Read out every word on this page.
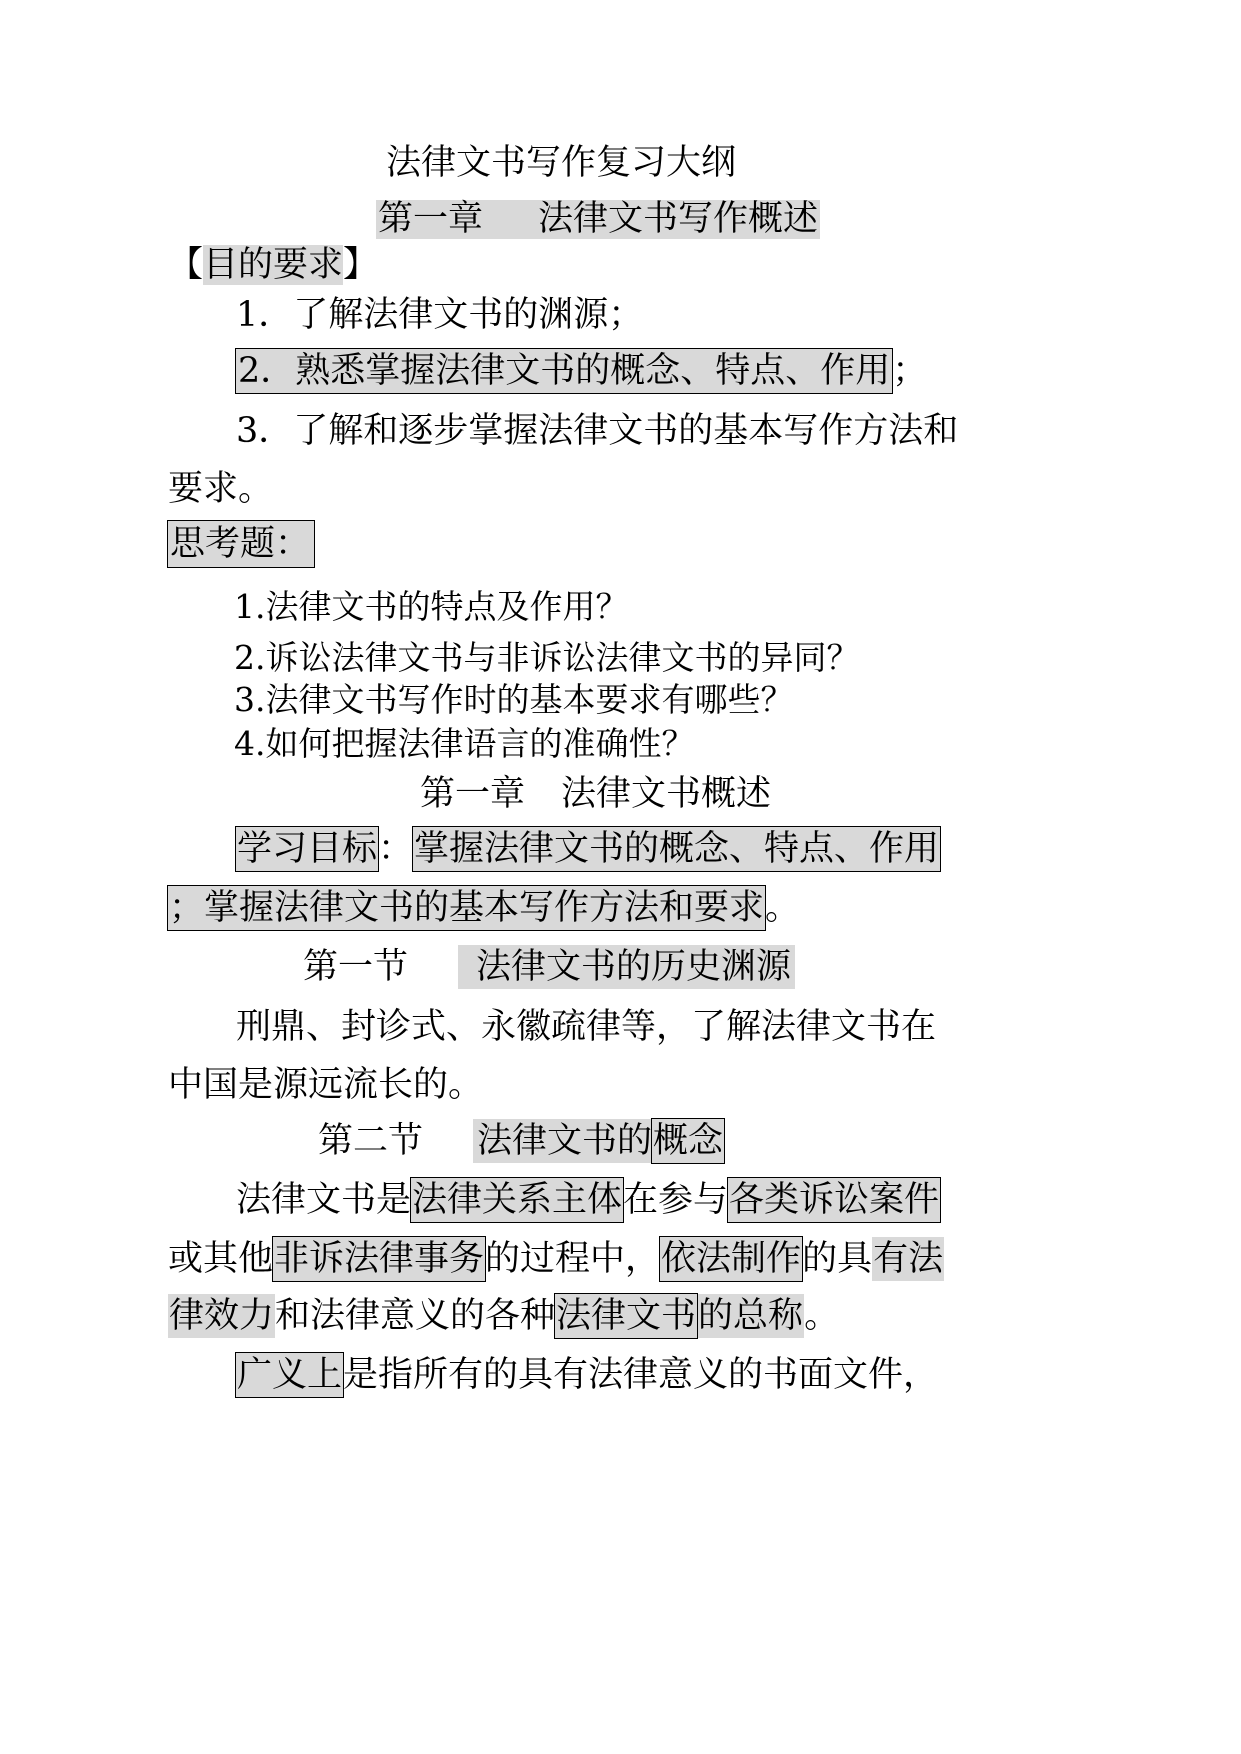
法律文书写作复习大纲
第一章 法律文书写作概述
【目的要求】
1．了解法律文书的渊源；
2．熟悉掌握法律文书的概念、特点、作用；
3．了解和逐步掌握法律文书的基本写作方法和
要求。
思考题：
1.法律文书的特点及作用？
2.诉讼法律文书与非诉讼法律文书的异同？
3.法律文书写作时的基本要求有哪些？
4.如何把握法律语言的准确性？
第一章 法律文书概述
学习目标：掌握法律文书的概念、特点、作用
；掌握法律文书的基本写作方法和要求。
第一节 法律文书的历史渊源
刑鼎、封诊式、永徽疏律等，了解法律文书在
中国是源远流长的。
第二节 法律文书的概念
法律文书是法律关系主体在参与各类诉讼案件
或其他非诉法律事务的过程中，依法制作的具有法
律效力和法律意义的各种法律文书的总称。
广义上是指所有的具有法律意义的书面文件，
